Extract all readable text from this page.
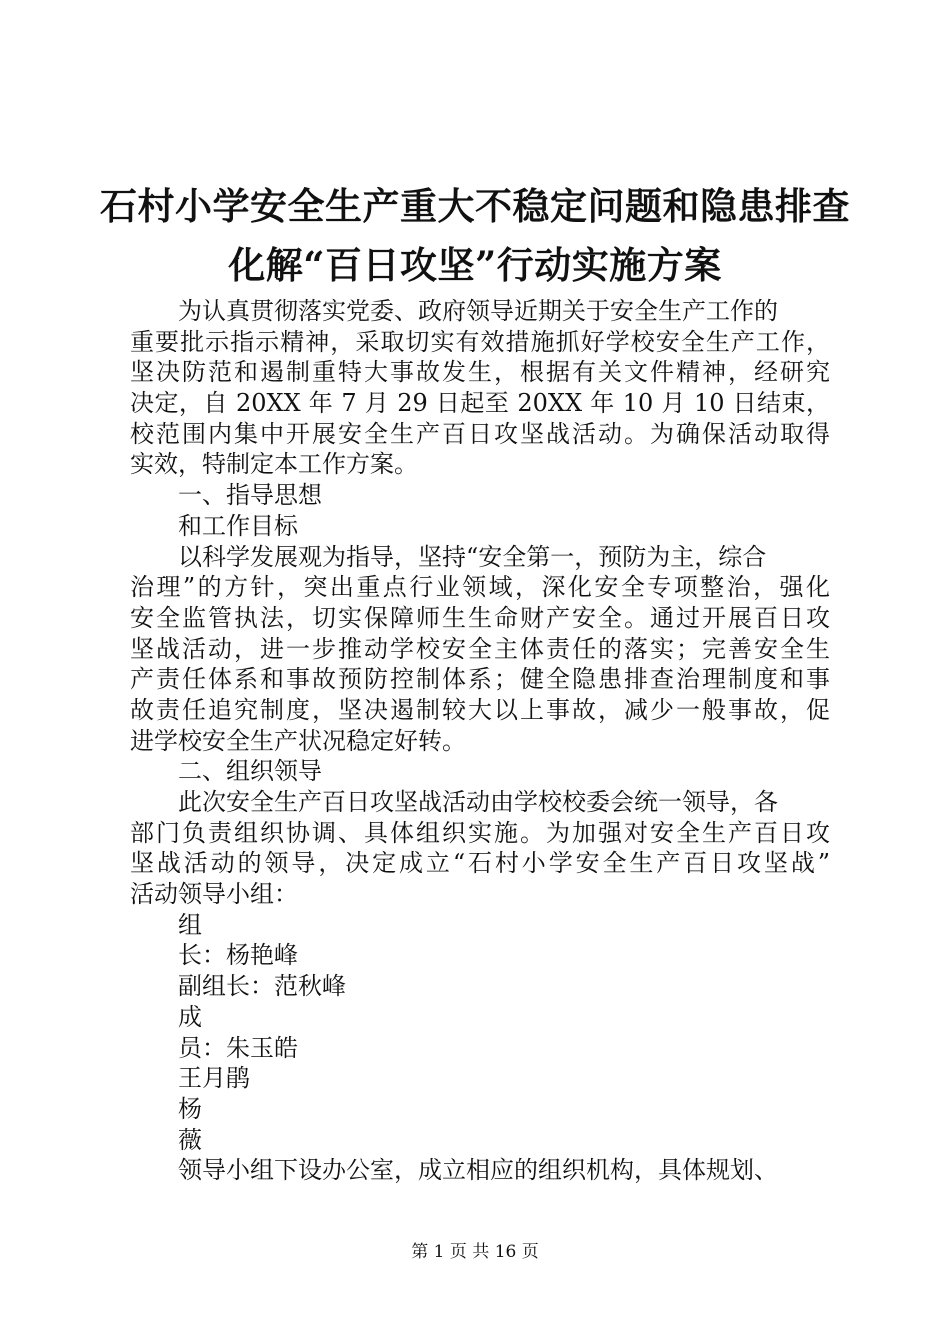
石村小学安全生产重大不稳定问题和隐患排查
化解“百日攻坚”行动实施方案
为认真贯彻落实党委、政府领导近期关于安全生产工作的
重要批示指示精神，采取切实有效措施抓好学校安全生产工作，
坚决防范和遏制重特大事故发生，根据有关文件精神，经研究
决定，自 20XX 年 7 月 29 日起至 20XX 年 10 月 10 日结束，
校范围内集中开展安全生产百日攻坚战活动。为确保活动取得
实效，特制定本工作方案。
一、指导思想
和工作目标
以科学发展观为指导，坚持“安全第一，预防为主，综合
治理”的方针，突出重点行业领域，深化安全专项整治，强化
安全监管执法，切实保障师生生命财产安全。通过开展百日攻
坚战活动，进一步推动学校安全主体责任的落实；完善安全生
产责任体系和事故预防控制体系；健全隐患排查治理制度和事
故责任追究制度，坚决遏制较大以上事故，减少一般事故，促
进学校安全生产状况稳定好转。
二、组织领导
此次安全生产百日攻坚战活动由学校校委会统一领导，各
部门负责组织协调、具体组织实施。为加强对安全生产百日攻
坚战活动的领导，决定成立“石村小学安全生产百日攻坚战”
活动领导小组：
组
长：杨艳峰
副组长：范秋峰
成
员：朱玉皓
王月鹃
杨
薇
领导小组下设办公室，成立相应的组织机构，具体规划、
第 1 页 共 16 页
